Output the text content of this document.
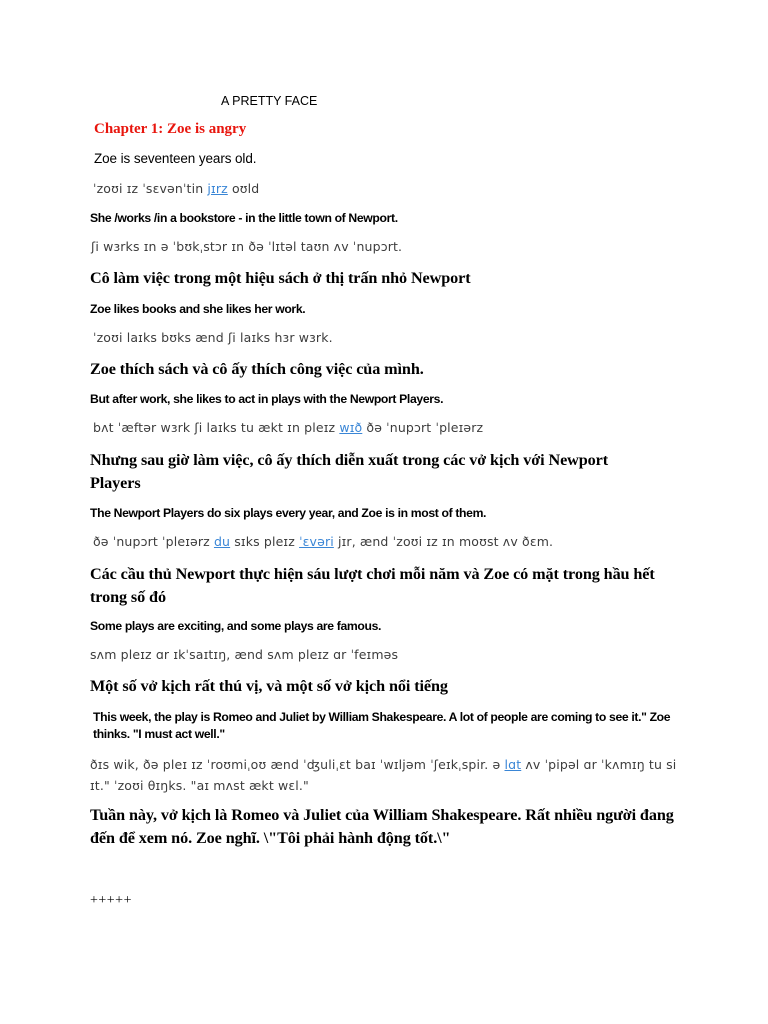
A PRETTY FACE
Chapter 1: Zoe is angry
Zoe is seventeen years old.
ˈzoʊi ɪz ˈsɛvənˈtin jɪrz oʊld
She /works /in a bookstore - in the little town of Newport.
ʃi wɜrks ɪn ə ˈbʊkˌstɔr ɪn ðə ˈlɪtəl taʊn ʌv ˈnupɔrt.
Cô làm việc trong một hiệu sách ở thị trấn nhỏ Newport
Zoe likes books and she likes her work.
ˈzoʊi laɪks bʊks ænd ʃi laɪks hɜr wɜrk.
Zoe thích sách và cô ấy thích công việc của mình.
But after work, she likes to act in plays with the Newport Players.
bʌt ˈæftər wɜrk ʃi laɪks tu ækt ɪn pleɪz wɪð ðə ˈnupɔrt ˈpleɪərz
Nhưng sau giờ làm việc, cô ấy thích diễn xuất trong các vở kịch với Newport Players
The Newport Players do six plays every year, and Zoe is in most of them.
ðə ˈnupɔrt ˈpleɪərz du sɪks pleɪz ˈɛvəri jɪr, ænd ˈzoʊi ɪz ɪn moʊst ʌv ðɛm.
Các cầu thủ Newport thực hiện sáu lượt chơi mỗi năm và Zoe có mặt trong hầu hết trong số đó
Some plays are exciting, and some plays are famous.
sʌm pleɪz ɑr ɪkˈsaɪtɪŋ, ænd sʌm pleɪz ɑr ˈfeɪməs
Một số vở kịch rất thú vị, và một số vở kịch nổi tiếng
This week, the play is Romeo and Juliet by William Shakespeare. A lot of people are coming to see it." Zoe thinks. "I must act well."
ðɪs wik, ðə pleɪ ɪz ˈroʊmiˌoʊ ænd ˈʤuliˌɛt baɪ ˈwɪljəm ˈʃeɪkˌspir. ə lɑt ʌv ˈpipəl ɑr ˈkʌmɪŋ tu si ɪt." ˈzoʊi θɪŋks. "aɪ mʌst ækt wɛl."
Tuần này, vở kịch là Romeo và Juliet của William Shakespeare. Rất nhiều người đang đến để xem nó. Zoe nghĩ. \"Tôi phải hành động tốt.\"
+++++
